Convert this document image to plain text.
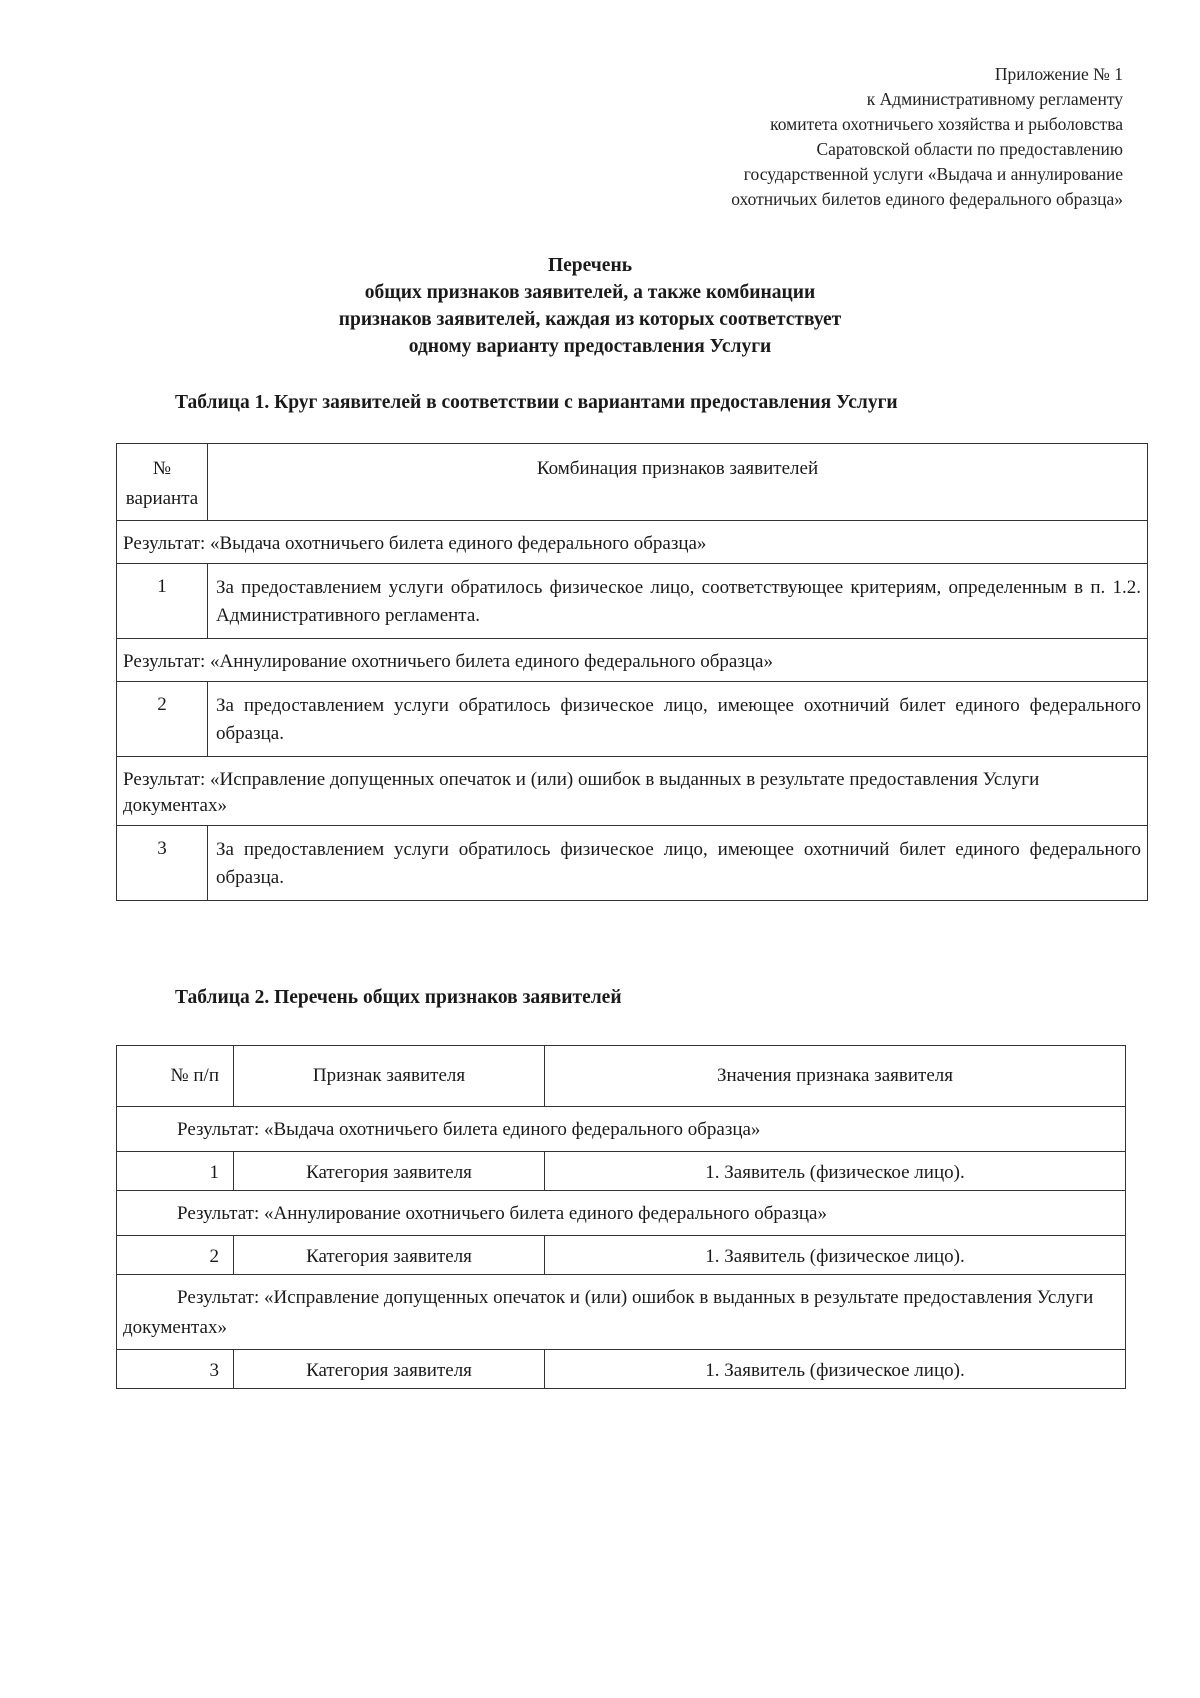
Приложение № 1
к Административному регламенту
комитета охотничьего хозяйства и рыболовства
Саратовской области по предоставлению
государственной услуги «Выдача и аннулирование
охотничьих билетов единого федерального образца»
Перечень
общих признаков заявителей, а также комбинации
признаков заявителей, каждая из которых соответствует
одному варианту предоставления Услуги
Таблица 1. Круг заявителей в соответствии с вариантами предоставления Услуги
№ варианта	Комбинация признаков заявителей
Результат: «Выдача охотничьего билета единого федерального образца»	
1	За предоставлением услуги обратилось физическое лицо, соответствующее критериям, определенным в п. 1.2. Административного регламента.
Результат: «Аннулирование охотничьего билета единого федерального образца»	
2	За предоставлением услуги обратилось физическое лицо, имеющее охотничий билет единого федерального образца.
Результат: «Исправление допущенных опечаток и (или) ошибок в выданных в результате предоставления Услуги документах»	
3	За предоставлением услуги обратилось физическое лицо, имеющее охотничий билет единого федерального образца.
Таблица 2. Перечень общих признаков заявителей
№ п/п	Признак заявителя	Значения признака заявителя
Результат: «Выдача охотничьего билета единого федерального образца»		
1	Категория заявителя	1. Заявитель (физическое лицо).
Результат: «Аннулирование охотничьего билета единого федерального образца»		
2	Категория заявителя	1. Заявитель (физическое лицо).
Результат: «Исправление допущенных опечаток и (или) ошибок в выданных в результате предоставления Услуги документах»		
3	Категория заявителя	1. Заявитель (физическое лицо).
